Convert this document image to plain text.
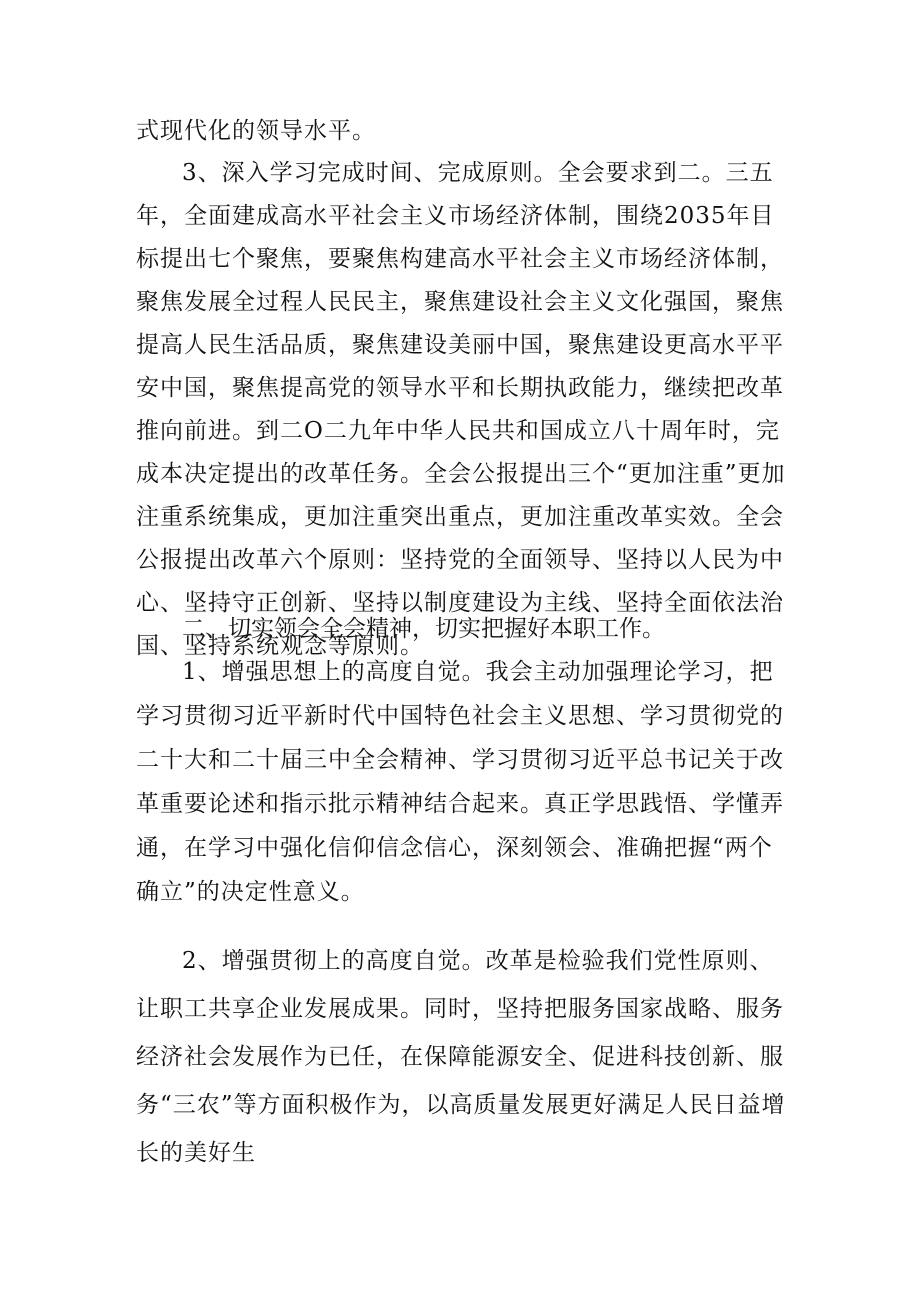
式现代化的领导水平。

3、深入学习完成时间、完成原则。全会要求到二。三五年，全面建成高水平社会主义市场经济体制，围绕2035年目标提出七个聚焦，要聚焦构建高水平社会主义市场经济体制，聚焦发展全过程人民民主，聚焦建设社会主义文化强国，聚焦提高人民生活品质，聚焦建设美丽中国，聚焦建设更高水平平安中国，聚焦提高党的领导水平和长期执政能力，继续把改革推向前进。到二O二九年中华人民共和国成立八十周年时，完成本决定提出的改革任务。全会公报提出三个“更加注重”更加注重系统集成，更加注重突出重点，更加注重改革实效。全会公报提出改革六个原则：坚持党的全面领导、坚持以人民为中心、坚持守正创新、坚持以制度建设为主线、坚持全面依法治国、坚持系统观念等原则。

二、切实领会全会精神，切实把握好本职工作。

1、增强思想上的高度自觉。我会主动加强理论学习，把学习贯彻习近平新时代中国特色社会主义思想、学习贯彻党的二十大和二十届三中全会精神、学习贯彻习近平总书记关于改革重要论述和指示批示精神结合起来。真正学思践悟、学懂弄通，在学习中强化信仰信念信心，深刻领会、准确把握“两个确立”的决定性意义。

2、增强贯彻上的高度自觉。改革是检验我们党性原则、让职工共享企业发展成果。同时，坚持把服务国家战略、服务经济社会发展作为已任，在保障能源安全、促进科技创新、服务“三农”等方面积极作为，以高质量发展更好满足人民日益增长的美好生
